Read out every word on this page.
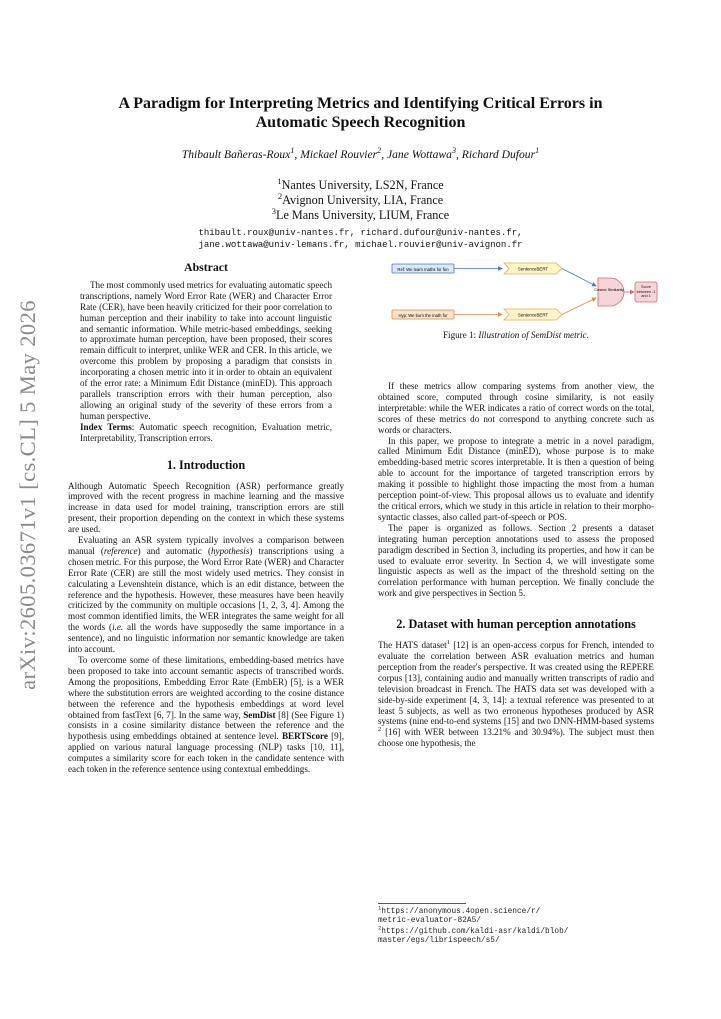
arXiv:2605.03671v1 [cs.CL] 5 May 2026
A Paradigm for Interpreting Metrics and Identifying Critical Errors in Automatic Speech Recognition
Thibault Bañeras-Roux$^1$, Mickael Rouvier$^2$, Jane Wottawa$^3$, Richard Dufour$^1$
$^1$Nantes University, LS2N, France
$^2$Avignon University, LIA, France
$^3$Le Mans University, LIUM, France
thibault.roux@univ-nantes.fr, richard.dufour@univ-nantes.fr,
jane.wottawa@univ-lemans.fr, michael.rouvier@univ-avignon.fr
Abstract

The most commonly used metrics for evaluating automatic speech transcriptions, namely Word Error Rate (WER) and Character Error Rate (CER), have been heavily criticized for their poor correlation to human perception and their inability to take into account linguistic and semantic information. While metric-based embeddings, seeking to approximate human perception, have been proposed, their scores remain difficult to interpret, unlike WER and CER. In this article, we overcome this problem by proposing a paradigm that consists in incorporating a chosen metric into it in order to obtain an equivalent of the error rate: a Minimum Edit Distance (minED). This approach parallels transcription errors with their human perception, also allowing an original study of the severity of these errors from a human perspective.

Index Terms: Automatic speech recognition, Evaluation metric, Interpretability, Transcription errors.

1. Introduction

Although Automatic Speech Recognition (ASR) performance greatly improved with the recent progress in machine learning and the massive increase in data used for model training, transcription errors are still present, their proportion depending on the context in which these systems are used.

Evaluating an ASR system typically involves a comparison between manual (reference) and automatic (hypothesis) transcriptions using a chosen metric. For this purpose, the Word Error Rate (WER) and Character Error Rate (CER) are still the most widely used metrics. They consist in calculating a Levenshtein distance, which is an edit distance, between the reference and the hypothesis. However, these measures have been heavily criticized by the community on multiple occasions [1, 2, 3, 4]. Among the most common identified limits, the WER integrates the same weight for all the words (i.e. all the words have supposedly the same importance in a sentence), and no linguistic information nor semantic knowledge are taken into account.

To overcome some of these limitations, embedding-based metrics have been proposed to take into account semantic aspects of transcribed words. Among the propositions, Embedding Error Rate (EmbER) [5], is a WER where the substitution errors are weighted according to the cosine distance between the reference and the hypothesis embeddings at word level obtained from fastText [6, 7]. In the same way, SemDist [8] (See Figure 1) consists in a cosine similarity distance between the reference and the hypothesis using embeddings obtained at sentence level. BERTScore [9], applied on various natural language processing (NLP) tasks [10, 11], computes a similarity score for each token in the candidate sentence with each token in the reference sentence using contextual embeddings.

Ref: We learn maths for fun	SentenceBERT
Hyp: We burn the math for	SentenceBERT
Cosine Similarity	Score between -1 and 1
Figure 1: Illustration of SemDist metric.

If these metrics allow comparing systems from another view, the obtained score, computed through cosine similarity, is not easily interpretable: while the WER indicates a ratio of correct words on the total, scores of these metrics do not correspond to anything concrete such as words or characters.

In this paper, we propose to integrate a metric in a novel paradigm, called Minimum Edit Distance (minED), whose purpose is to make embedding-based metric scores interpretable. It is then a question of being able to account for the importance of targeted transcription errors by making it possible to highlight those impacting the most from a human perception point-of-view. This proposal allows us to evaluate and identify the critical errors, which we study in this article in relation to their morpho-syntactic classes, also called part-of-speech or POS.

The paper is organized as follows. Section 2 presents a dataset integrating human perception annotations used to assess the proposed paradigm described in Section 3, including its properties, and how it can be used to evaluate error severity. In Section 4, we will investigate some linguistic aspects as well as the impact of the threshold setting on the correlation performance with human perception. We finally conclude the work and give perspectives in Section 5.

2. Dataset with human perception annotations

The HATS dataset$^1$ [12] is an open-access corpus for French, intended to evaluate the correlation between ASR evaluation metrics and human perception from the reader's perspective. It was created using the REPERE corpus [13], containing audio and manually written transcripts of radio and television broadcast in French. The HATS data set was developed with a side-by-side experiment [4, 3, 14]: a textual reference was presented to at least 5 subjects, as well as two erroneous hypotheses produced by ASR systems (nine end-to-end systems [15] and two DNN-HMM-based systems $^2$ [16] with WER between 13.21% and 30.94%). The subject must then choose one hypothesis, the

$^1$https://anonymous.4open.science/r/
metric-evaluator-82A5/
$^2$https://github.com/kaldi-asr/kaldi/blob/
master/egs/librispeech/s5/
